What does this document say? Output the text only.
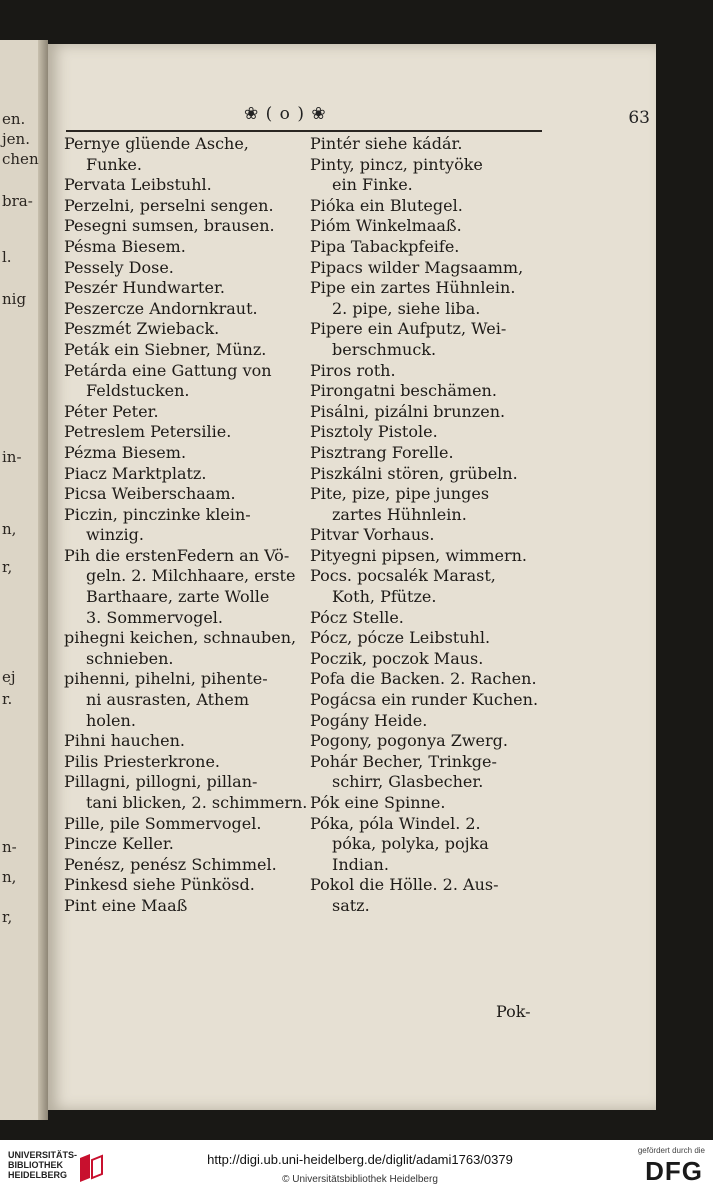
en.
jen.
chen
bra-
l.
nig
in-
n,
r,
ej
r.
n-
n,
r,
❀ ( o ) ❀	63
Pernye glüende Asche,
Funke.
Pervata Leibstuhl.
Perzelni, perselni sengen.
Pesegni sumsen, brausen.
Pésma Biesem.
Pessely Dose.
Peszér Hundwarter.
Peszercze Andornkraut.
Peszmét Zwieback.
Peták ein Siebner, Münz.
Petárda eine Gattung von
Feldstucken.
Péter Peter.
Petreslem Petersilie.
Pézma Biesem.
Piacz Marktplatz.
Picsa Weiberschaam.
Piczin, pinczinke klein-
winzig.
Pih die erstenFedern an Vö-
geln. 2. Milchhaare, erste
Barthaare, zarte Wolle
3. Sommervogel.
pihegni keichen, schnauben,
schnieben.
pihenni, pihelni, pihente-
ni ausrasten, Athem
holen.
Pihni hauchen.
Pilis Priesterkrone.
Pillagni, pillogni, pillan-
tani blicken, 2. schimmern.
Pille, pile Sommervogel.
Pincze Keller.
Penész, penész Schimmel.
Pinkesd siehe Pünkösd.
Pint eine Maaß
Pintér siehe kádár.
Pinty, pincz, pintyöke
ein Finke.
Pióka ein Blutegel.
Pióm Winkelmaaß.
Pipa Tabackpfeife.
Pipacs wilder Magsaamm,
Pipe ein zartes Hühnlein.
2. pipe, siehe liba.
Pipere ein Aufputz, Wei-
berschmuck.
Piros roth.
Pirongatni beschämen.
Pisálni, pizálni brunzen.
Pisztoly Pistole.
Pisztrang Forelle.
Piszkálni stören, grübeln.
Pite, pize, pipe junges
zartes Hühnlein.
Pitvar Vorhaus.
Pityegni pipsen, wimmern.
Pocs. pocsalék Marast,
Koth, Pfütze.
Pócz Stelle.
Pócz, pócze Leibstuhl.
Poczik, poczok Maus.
Pofa die Backen. 2. Rachen.
Pogácsa ein runder Kuchen.
Pogány Heide.
Pogony, pogonya Zwerg.
Pohár Becher, Trinkge-
schirr, Glasbecher.
Pók eine Spinne.
Póka, póla Windel. 2.
póka, polyka, pojka
Indian.
Pokol die Hölle. 2. Aus-
satz.
Pok-
UNIVERSITÄTS-
BIBLIOTHEK
HEIDELBERG
http://digi.ub.uni-heidelberg.de/diglit/adami1763/0379
© Universitätsbibliothek Heidelberg
gefördert durch die
DFG
